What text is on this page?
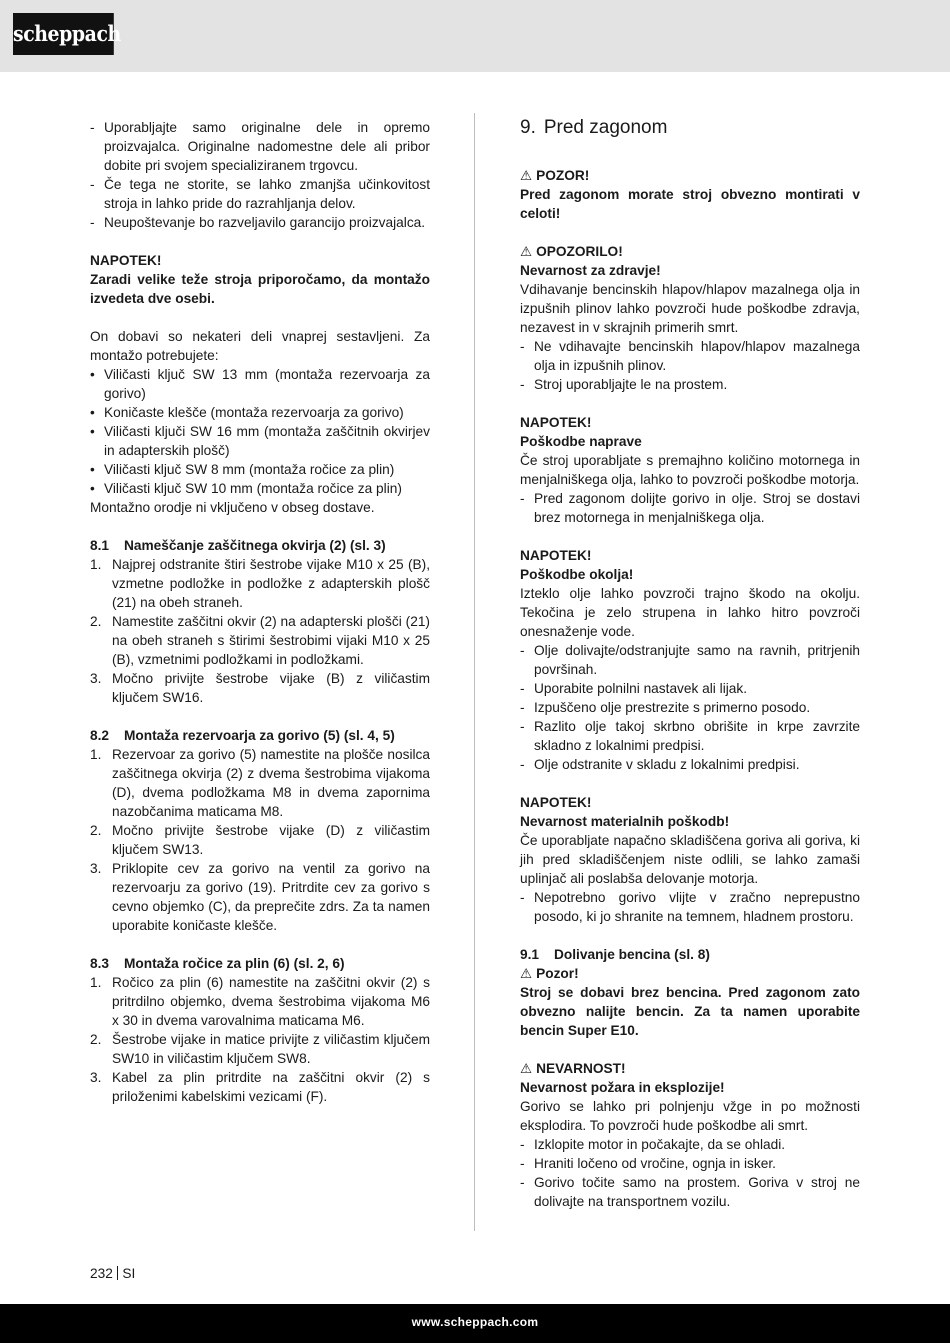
scheppach
- Uporabljajte samo originalne dele in opremo proizvajalca. Originalne nadomestne dele ali pribor dobite pri svojem specializiranem trgovcu.
- Če tega ne storite, se lahko zmanjša učinkovitost stroja in lahko pride do razrahljanja delov.
- Neupoštevanje bo razveljavilo garancijo proizvajalca.

NAPOTEK!

Zaradi velike teže stroja priporočamo, da montažo izvedeta dve osebi.

On dobavi so nekateri deli vnaprej sestavljeni. Za montažo potrebujete:

• Viličasti ključ SW 13 mm (montaža rezervoarja za gorivo)
• Koničaste klešče (montaža rezervoarja za gorivo)
• Viličasti ključi SW 16 mm (montaža zaščitnih okvirjev in adapterskih plošč)
• Viličasti ključ SW 8 mm (montaža ročice za plin)
• Viličasti ključ SW 10 mm (montaža ročice za plin)

Montažno orodje ni vključeno v obseg dostave.

8.1 Nameščanje zaščitnega okvirja (2) (sl. 3)

1. Najprej odstranite štiri šestrobe vijake M10 x 25 (B), vzmetne podložke in podložke z adapterskih plošč (21) na obeh straneh.
2. Namestite zaščitni okvir (2) na adapterski plošči (21) na obeh straneh s štirimi šestrobimi vijaki M10 x 25 (B), vzmetnimi podložkami in podložkami.
3. Močno privijte šestrobe vijake (B) z viličastim ključem SW16.

8.2 Montaža rezervoarja za gorivo (5) (sl. 4, 5)

1. Rezervoar za gorivo (5) namestite na plošče nosilca zaščitnega okvirja (2) z dvema šestrobima vijakoma (D), dvema podložkama M8 in dvema zapornima nazobčanima maticama M8.
2. Močno privijte šestrobe vijake (D) z viličastim ključem SW13.
3. Priklopite cev za gorivo na ventil za gorivo na rezervoarju za gorivo (19). Pritrdite cev za gorivo s cevno objemko (C), da preprečite zdrs. Za ta namen uporabite koničaste klešče.

8.3 Montaža ročice za plin (6) (sl. 2, 6)

1. Ročico za plin (6) namestite na zaščitni okvir (2) s pritrdilno objemko, dvema šestrobima vijakoma M6 x 30 in dvema varovalnima maticama M6.
2. Šestrobe vijake in matice privijte z viličastim ključem SW10 in viličastim ključem SW8.
3. Kabel za plin pritrdite na zaščitni okvir (2) s priloženimi kabelskimi vezicami (F).

9. Pred zagonom

⚠ POZOR!

Pred zagonom morate stroj obvezno montirati v celoti!

⚠ OPOZORILO!

Nevarnost za zdravje!

Vdihavanje bencinskih hlapov/hlapov mazalnega olja in izpušnih plinov lahko povzroči hude poškodbe zdravja, nezavest in v skrajnih primerih smrt.

- Ne vdihavajte bencinskih hlapov/hlapov mazalnega olja in izpušnih plinov.
- Stroj uporabljajte le na prostem.

NAPOTEK!

Poškodbe naprave

Če stroj uporabljate s premajhno količino motornega in menjalniškega olja, lahko to povzroči poškodbe motorja.

- Pred zagonom dolijte gorivo in olje. Stroj se dostavi brez motornega in menjalniškega olja.

NAPOTEK!

Poškodbe okolja!

Izteklo olje lahko povzroči trajno škodo na okolju. Tekočina je zelo strupena in lahko hitro povzroči onesnaženje vode.

- Olje dolivajte/odstranjujte samo na ravnih, pritrjenih površinah.
- Uporabite polnilni nastavek ali lijak.
- Izpuščeno olje prestrezite s primerno posodo.
- Razlito olje takoj skrbno obrišite in krpe zavrzite skladno z lokalnimi predpisi.
- Olje odstranite v skladu z lokalnimi predpisi.

NAPOTEK!

Nevarnost materialnih poškodb!

Če uporabljate napačno skladiščena goriva ali goriva, ki jih pred skladiščenjem niste odlili, se lahko zamaši uplinjač ali poslabša delovanje motorja.

- Nepotrebno gorivo vlijte v zračno neprepustno posodo, ki jo shranite na temnem, hladnem prostoru.

9.1 Dolivanje bencina (sl. 8)

⚠ Pozor!

Stroj se dobavi brez bencina. Pred zagonom zato obvezno nalijte bencin. Za ta namen uporabite bencin Super E10.

⚠ NEVARNOST!

Nevarnost požara in eksplozije!

Gorivo se lahko pri polnjenju vžge in po možnosti eksplodira. To povzroči hude poškodbe ali smrt.

- Izklopite motor in počakajte, da se ohladi.
- Hraniti ločeno od vročine, ognja in isker.
- Gorivo točite samo na prostem. Goriva v stroj ne dolivajte na transportnem vozilu.
232 SI
www.scheppach.com
